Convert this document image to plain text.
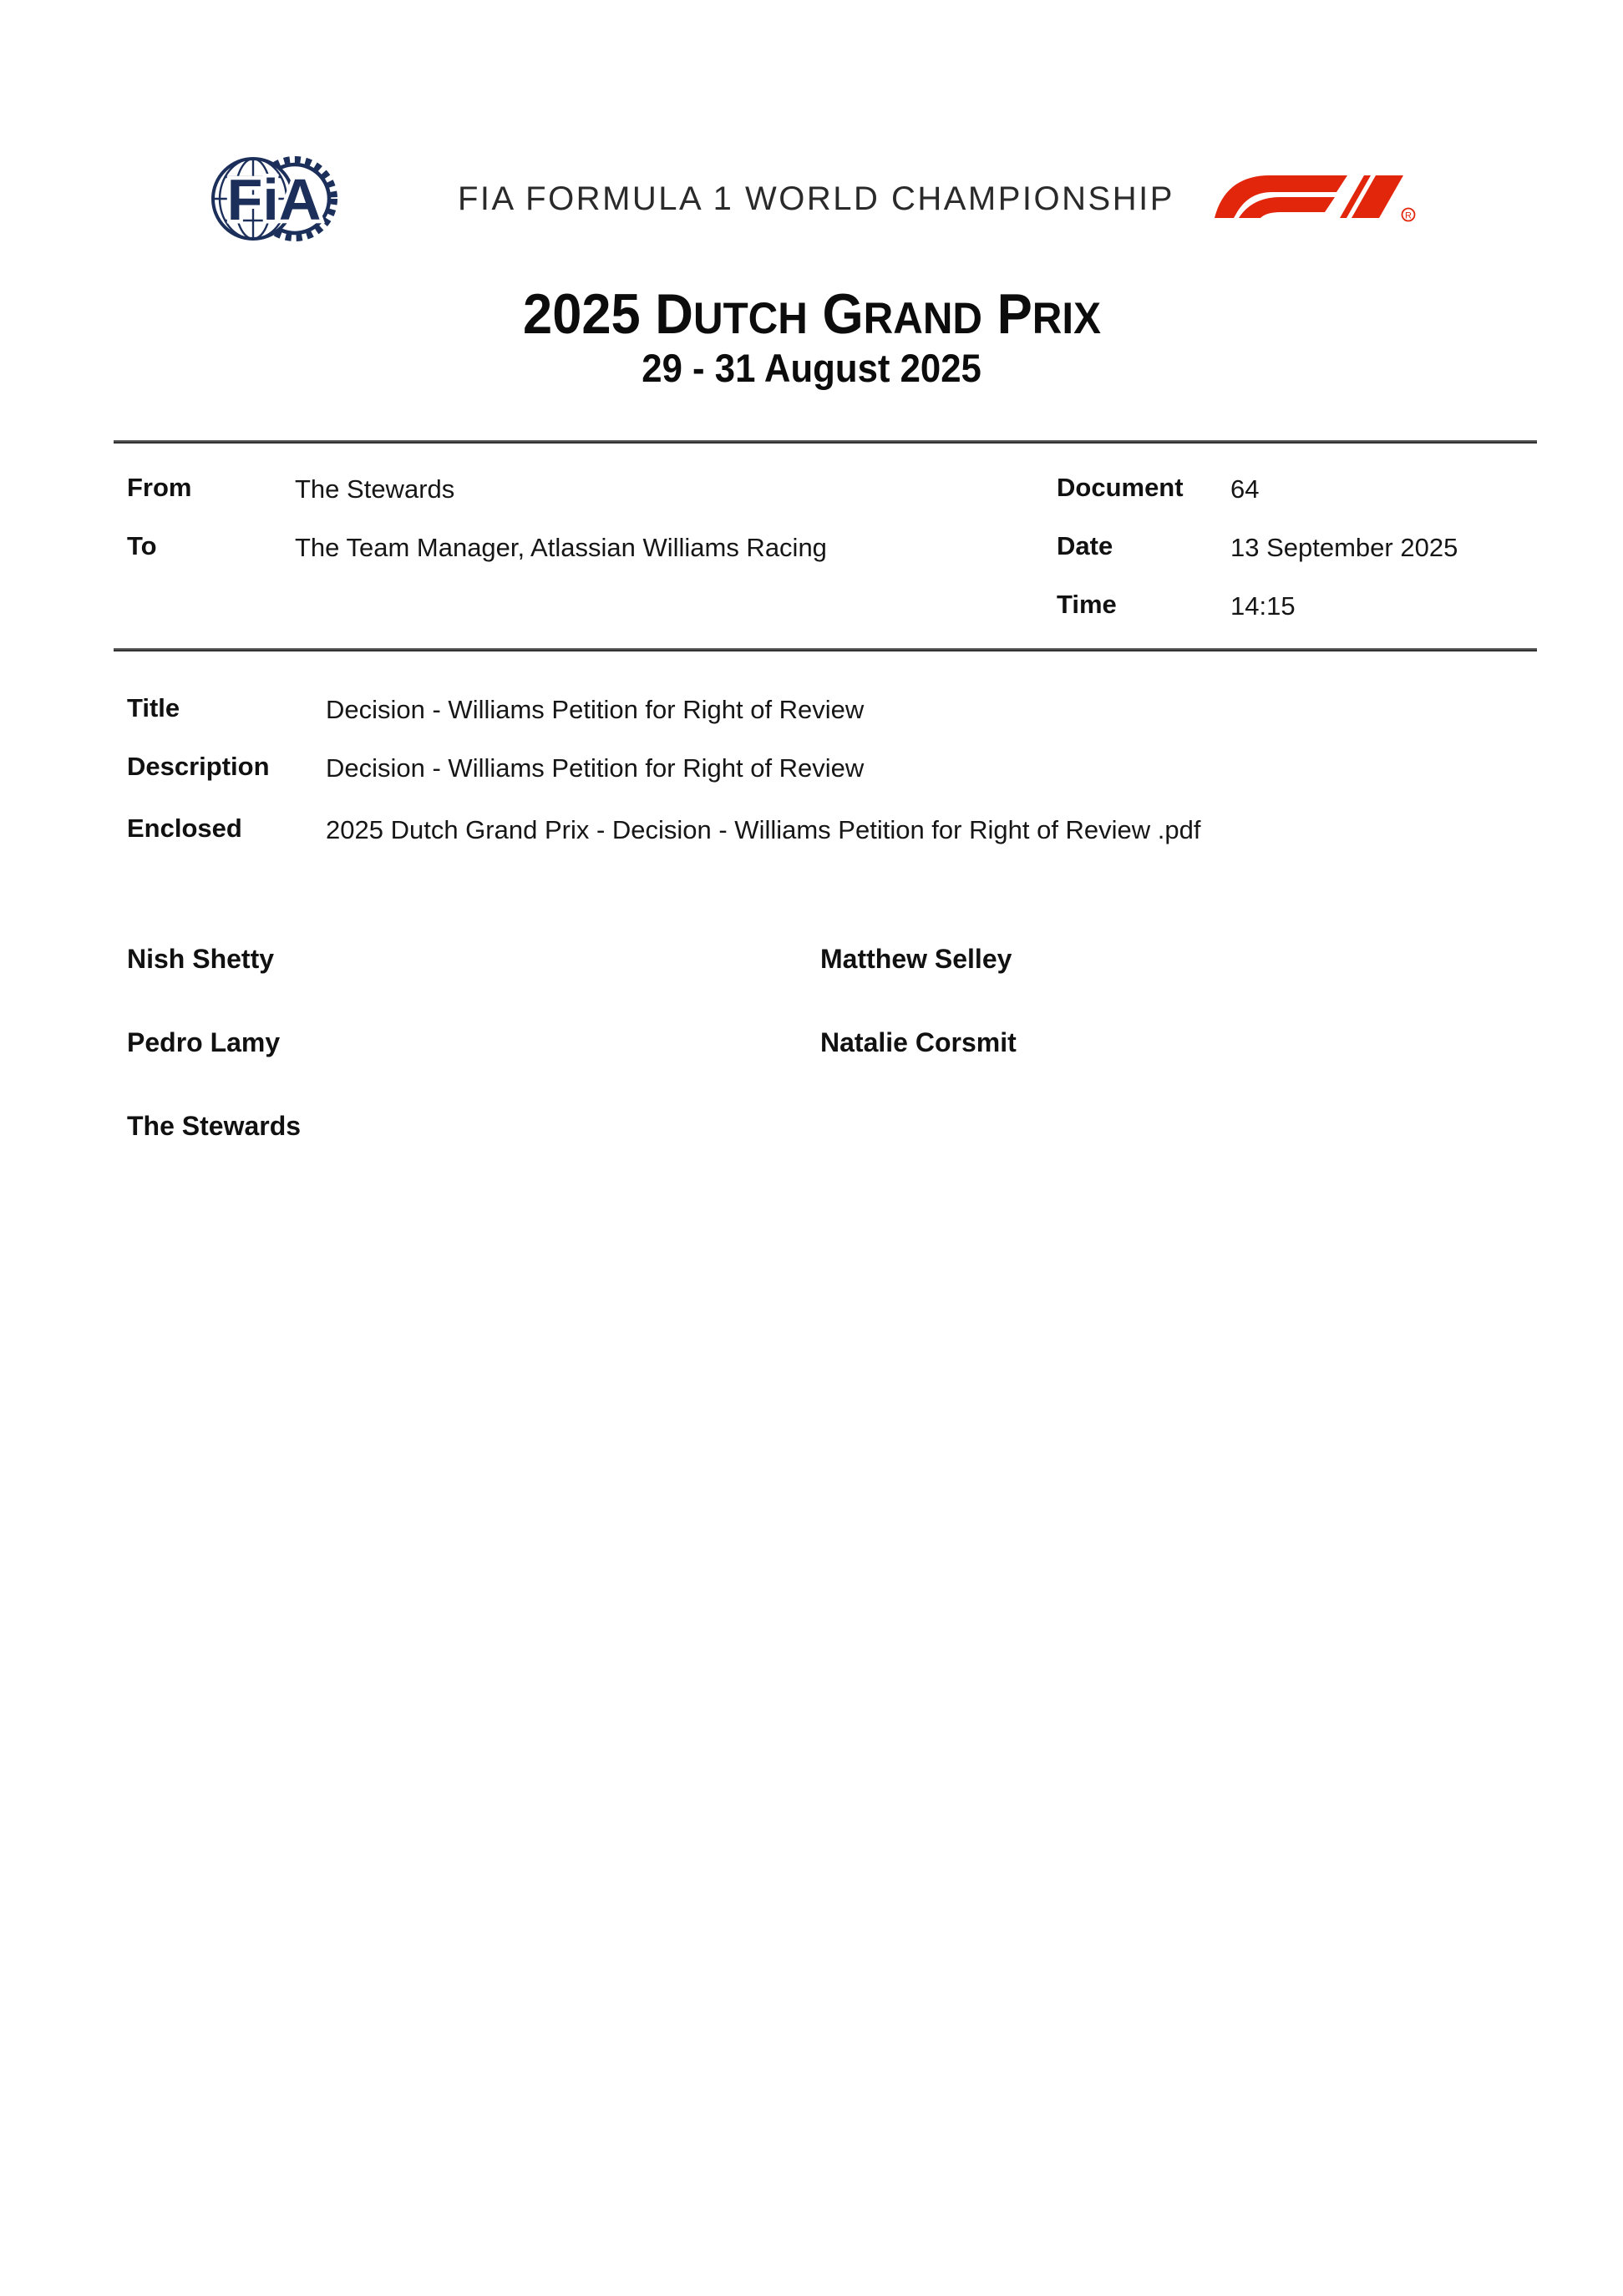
FiA	FIA FORMULA 1 WORLD CHAMPIONSHIP	R
2025 DUTCH GRAND PRIX
29 - 31 August 2025
From	The Stewards
To	The Team Manager, Atlassian Williams Racing
Document 64
Date	13 September 2025
Time	14:15
Title	Decision - Williams Petition for Right of Review
Description Decision - Williams Petition for Right of Review
Enclosed	2025 Dutch Grand Prix - Decision - Williams Petition for Right of Review .pdf
Nish Shetty	Matthew Selley
Pedro Lamy	Natalie Corsmit
The Stewards
